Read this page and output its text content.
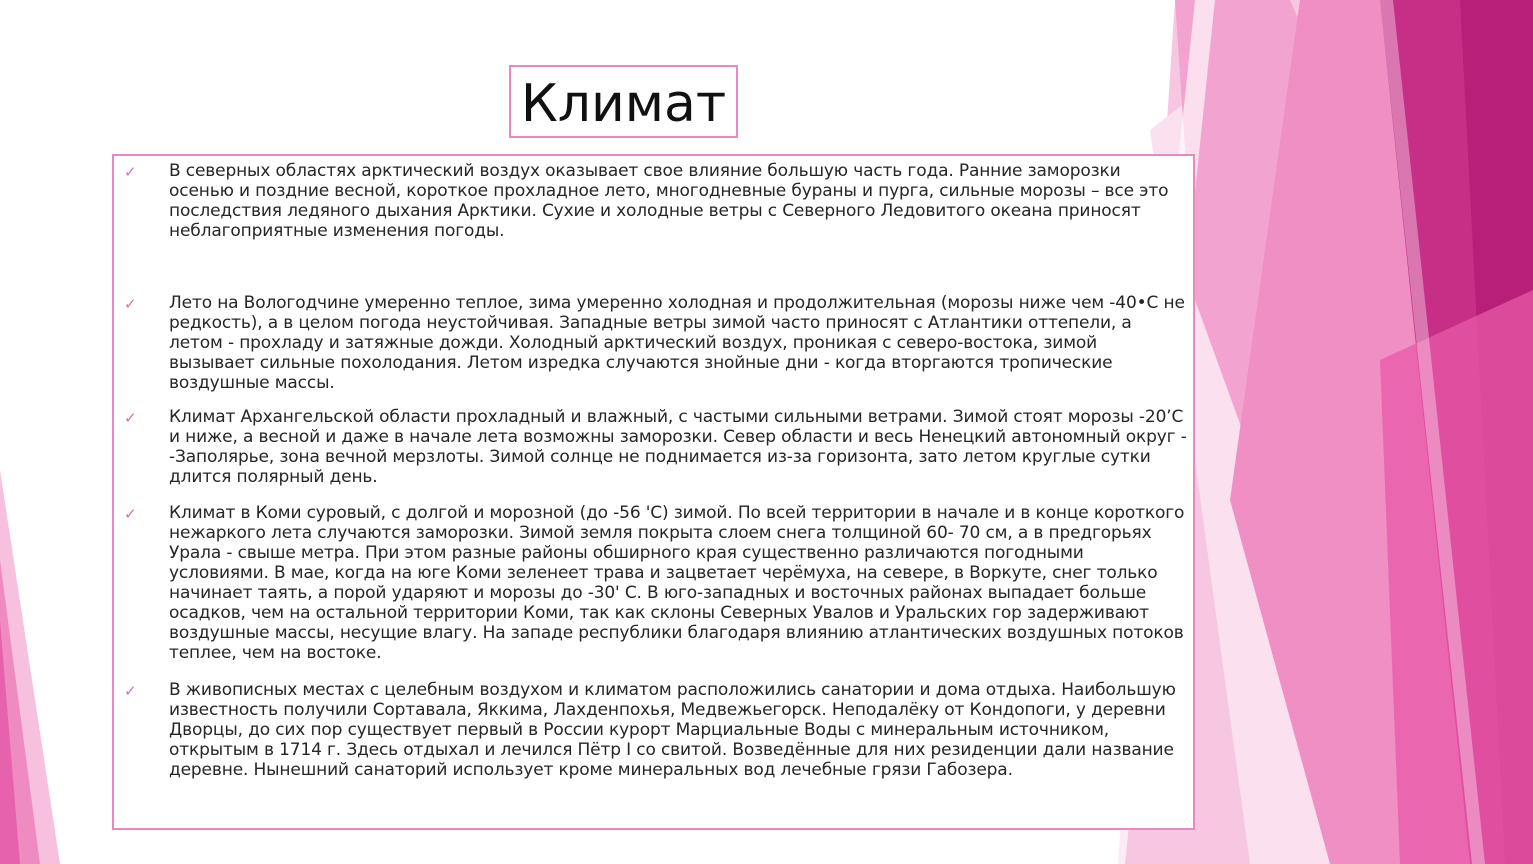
Климат
✓ В северных областях арктический воздух оказывает свое влияние большую часть года. Ранние заморозки осенью и поздние весной, короткое прохладное лето, многодневные бураны и пурга, сильные морозы – все это последствия ледяного дыхания Арктики. Сухие и холодные ветры с Северного Ледовитого океана приносят неблагоприятные изменения погоды.

✓ Лето на Вологодчине умеренно теплое, зима умеренно холодная и продолжительная (морозы ниже чем -40•С не редкость), а в целом погода неустойчивая. Западные ветры зимой часто приносят с Атлантики оттепели, а летом - прохладу и затяжные дожди. Холодный арктический воздух, проникая с северо-востока, зимой вызывает сильные похолодания. Летом изредка случаются знойные дни - когда вторгаются тропические воздушные массы.

✓ Климат Архангельской области прохладный и влажный, с частыми сильными ветрами. Зимой стоят морозы -20’С и ниже, а весной и даже в начале лета возможны заморозки. Север области и весь Ненецкий автономный округ - -Заполярье, зона вечной мерзлоты. Зимой солнце не поднимается из-за горизонта, зато летом круглые сутки длится полярный день.

✓ Климат в Коми суровый, с долгой и морозной (до -56 'С) зимой. По всей территории в начале и в конце короткого нежаркого лета случаются заморозки. Зимой земля покрыта слоем снега толщиной 60- 70 см, а в предгорьях Урала - свыше метра. При этом разные районы обширного края существенно различаются погодными условиями. В мае, когда на юге Коми зеленеет трава и зацветает черёмуха, на севере, в Воркуте, снег только начинает таять, а порой ударяют и морозы до -30' С. В юго-западных и восточных районах выпадает больше осадков, чем на остальной территории Коми, так как склоны Северных Увалов и Уральских гор задерживают воздушные массы, несущие влагу. На западе республики благодаря влиянию атлантических воздушных потоков теплее, чем на востоке.

✓ В живописных местах с целебным воздухом и климатом расположились санатории и дома отдыха. Наибольшую известность получили Сортавала, Яккима, Лахденпохья, Медвежьегорск. Неподалёку от Кондопоги, у деревни Дворцы, до сих пор существует первый в России курорт Марциальные Воды с минеральным источником, открытым в 1714 г. Здесь отдыхал и лечился Пётр I со свитой. Возведённые для них резиденции дали название деревне. Нынешний санаторий использует кроме минеральных вод лечебные грязи Габозера.
